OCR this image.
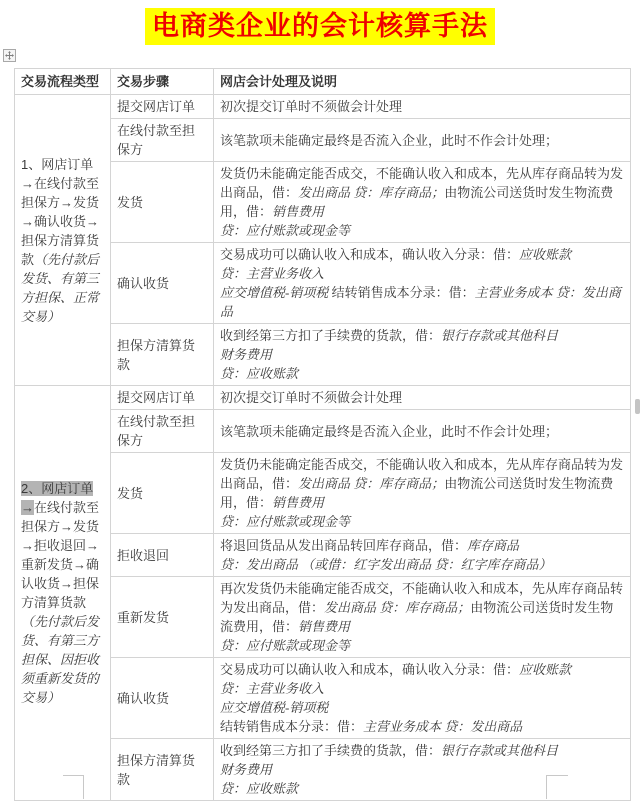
电商类企业的会计核算手法
交易流程类型	交易步骤	网店会计处理及说明
1、网店订单→在线付款至担保方→发货→确认收货→担保方清算货款（先付款后发货、有第三方担保、正常交易）	提交网店订单	初次提交订单时不须做会计处理

	在线付款至担保方	该笔款项未能确定最终是否流入企业，此时不作会计处理；

	发货	发货仍未能确定能否成交，不能确认收入和成本，先从库存商品转为发出商品，借：发出商品 贷：库存商品；由物流公司送货时发生物流费用，借：销售费用
贷：应付账款或现金等

	确认收货	交易成功可以确认收入和成本，确认收入分录：借：应收账款
贷：主营业务收入
应交增值税-销项税 结转销售成本分录：借：主营业务成本 贷：发出商品

	担保方清算货款	收到经第三方扣了手续费的货款，借：银行存款或其他科目
财务费用
贷：应收账款

2、网店订单→在线付款至担保方→发货→拒收退回→重新发货→确认收货→担保方清算货款（先付款后发货、有第三方担保、因拒收须重新发货的交易）	提交网店订单	初次提交订单时不须做会计处理

	在线付款至担保方	该笔款项未能确定最终是否流入企业，此时不作会计处理；

	发货	发货仍未能确定能否成交，不能确认收入和成本，先从库存商品转为发出商品，借：发出商品 贷：库存商品；由物流公司送货时发生物流费用，借：销售费用
贷：应付账款或现金等

	拒收退回	将退回货品从发出商品转回库存商品，借：库存商品
贷：发出商品 （或借：红字发出商品 贷：红字库存商品）

	重新发货	再次发货仍未能确定能否成交，不能确认收入和成本，先从库存商品转为发出商品，借：发出商品 贷：库存商品；由物流公司送货时发生物流费用，借：销售费用
贷：应付账款或现金等

	确认收货	交易成功可以确认收入和成本，确认收入分录：借：应收账款
贷：主营业务收入
应交增值税-销项税
结转销售成本分录：借：主营业务成本 贷：发出商品

	担保方清算货款	收到经第三方扣了手续费的货款，借：银行存款或其他科目
财务费用
贷：应收账款
